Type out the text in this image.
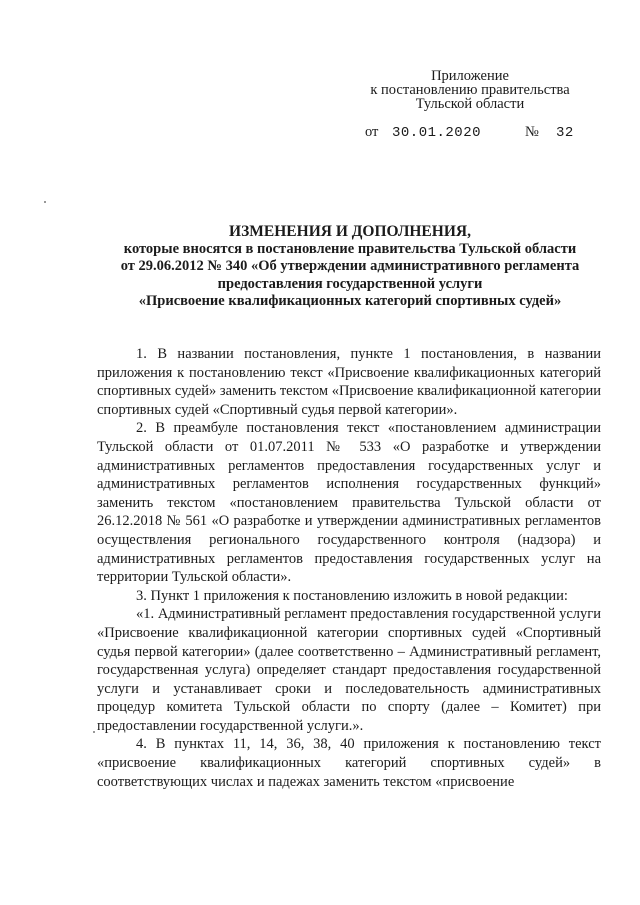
Приложение
к постановлению правительства
Тульской области
от 30.01.2020	№ 32
ИЗМЕНЕНИЯ И ДОПОЛНЕНИЯ,
которые вносятся в постановление правительства Тульской области
от 29.06.2012 № 340 «Об утверждении административного регламента
предоставления государственной услуги
«Присвоение квалификационных категорий спортивных судей»

1. В названии постановления, пункте 1 постановления, в названии приложения к постановлению текст «Присвоение квалификационных категорий спортивных судей» заменить текстом «Присвоение квалификационной категории спортивных судей «Спортивный судья первой категории».

2. В преамбуле постановления текст «постановлением администрации Тульской области от 01.07.2011 № 533 «О разработке и утверждении административных регламентов предоставления государственных услуг и административных регламентов исполнения государственных функций» заменить текстом «постановлением правительства Тульской области от 26.12.2018 № 561 «О разработке и утверждении административных регламентов осуществления регионального государственного контроля (надзора) и административных регламентов предоставления государственных услуг на территории Тульской области».

3. Пункт 1 приложения к постановлению изложить в новой редакции:

«1. Административный регламент предоставления государственной услуги «Присвоение квалификационной категории спортивных судей «Спортивный судья первой категории» (далее соответственно – Административный регламент, государственная услуга) определяет стандарт предоставления государственной услуги и устанавливает сроки и последовательность административных процедур комитета Тульской области по спорту (далее – Комитет) при предоставлении государственной услуги.».

4. В пунктах 11, 14, 36, 38, 40 приложения к постановлению текст «присвоение квалификационных категорий спортивных судей» в соответствующих числах и падежах заменить текстом «присвоение
